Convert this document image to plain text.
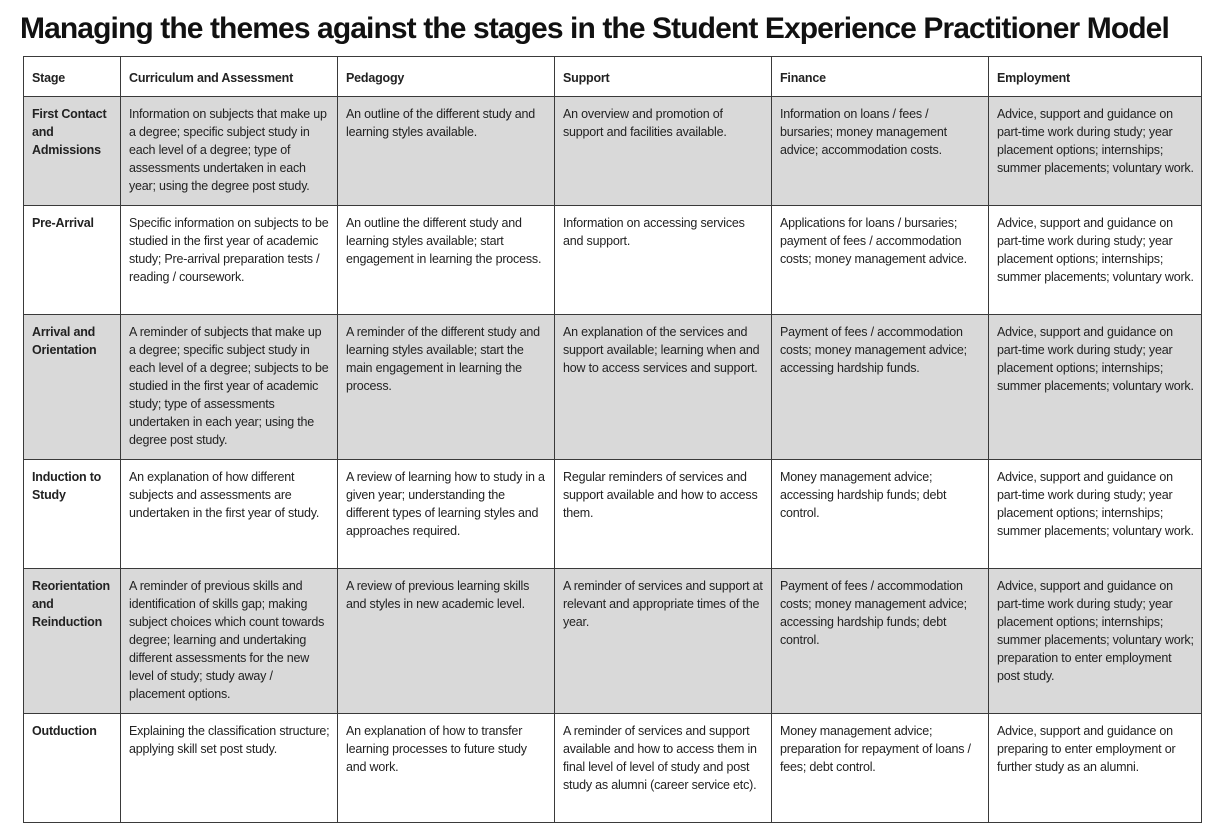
Managing the themes against the stages in the Student Experience Practitioner Model
Stage	Curriculum and Assessment	Pedagogy	Support	Finance	Employment
First Contact and Admissions	Information on subjects that make up a degree; specific subject study in each level of a degree; type of assessments undertaken in each year; using the degree post study.	An outline of the different study and learning styles available.	An overview and promotion of support and facilities available.	Information on loans / fees / bursaries; money management advice; accommodation costs.	Advice, support and guidance on part-time work during study; year placement options; internships; summer placements; voluntary work.
Pre-Arrival	Specific information on subjects to be studied in the first year of academic study; Pre-arrival preparation tests / reading / coursework.	An outline the different study and learning styles available; start engagement in learning the process.	Information on accessing services and support.	Applications for loans / bursaries; payment of fees / accommodation costs; money management advice.	Advice, support and guidance on part-time work during study; year placement options; internships; summer placements; voluntary work.
Arrival and Orientation	A reminder of subjects that make up a degree; specific subject study in each level of a degree; subjects to be studied in the first year of academic study; type of assessments undertaken in each year; using the degree post study.	A reminder of the different study and learning styles available; start the main engagement in learning the process.	An explanation of the services and support available; learning when and how to access services and support.	Payment of fees / accommodation costs; money management advice; accessing hardship funds.	Advice, support and guidance on part-time work during study; year placement options; internships; summer placements; voluntary work.
Induction to Study	An explanation of how different subjects and assessments are undertaken in the first year of study.	A review of learning how to study in a given year; understanding the different types of learning styles and approaches required.	Regular reminders of services and support available and how to access them.	Money management advice; accessing hardship funds; debt control.	Advice, support and guidance on part-time work during study; year placement options; internships; summer placements; voluntary work.
Reorientation and Reinduction	A reminder of previous skills and identification of skills gap; making subject choices which count towards degree; learning and undertaking different assessments for the new level of study; study away / placement options.	A review of previous learning skills and styles in new academic level.	A reminder of services and support at relevant and appropriate times of the year.	Payment of fees / accommodation costs; money management advice; accessing hardship funds; debt control.	Advice, support and guidance on part-time work during study; year placement options; internships; summer placements; voluntary work; preparation to enter employment post study.
Outduction	Explaining the classification structure; applying skill set post study.	An explanation of how to transfer learning processes to future study and work.	A reminder of services and support available and how to access them in final level of level of study and post study as alumni (career service etc).	Money management advice; preparation for repayment of loans / fees; debt control.	Advice, support and guidance on preparing to enter employment or further study as an alumni.
